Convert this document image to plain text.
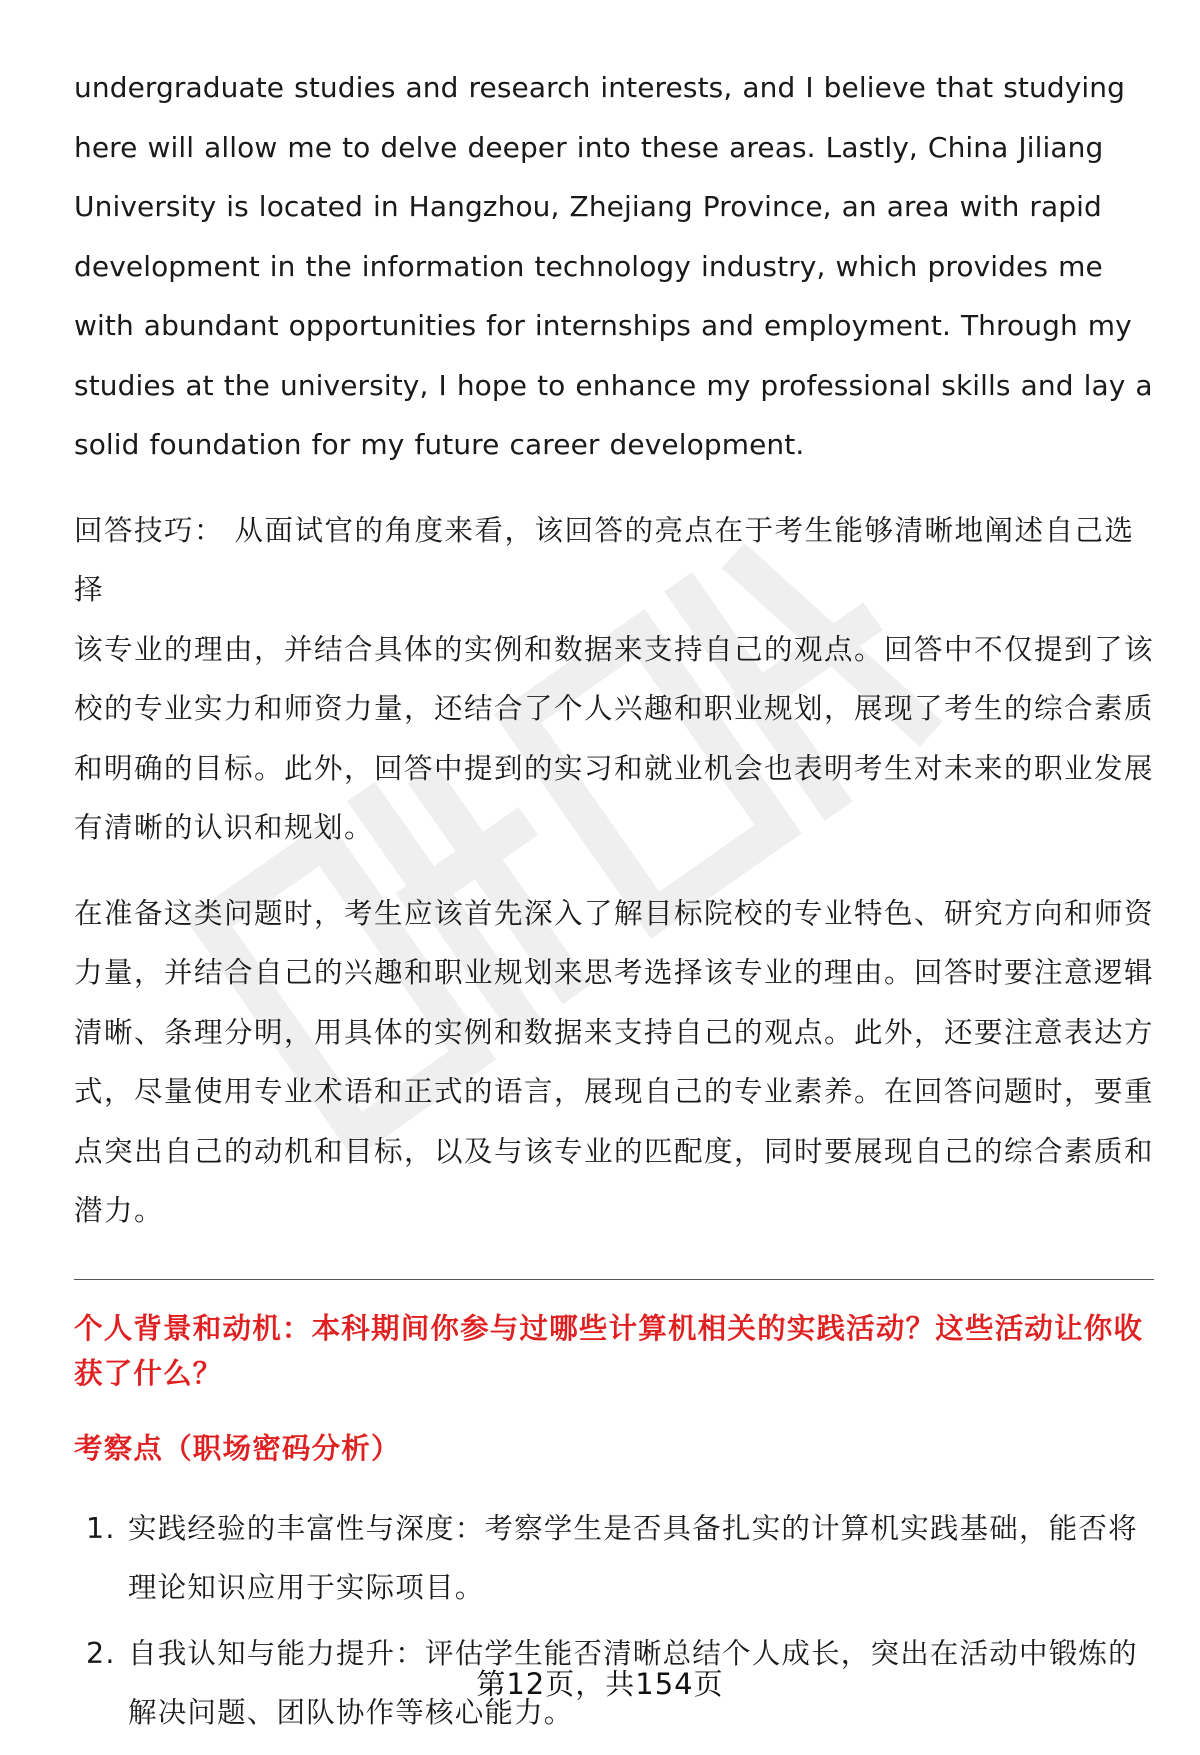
undergraduate studies and research interests, and I believe that studying

here will allow me to delve deeper into these areas. Lastly, China Jiliang

University is located in Hangzhou, Zhejiang Province, an area with rapid

development in the information technology industry, which provides me

with abundant opportunities for internships and employment. Through my

studies at the university, I hope to enhance my professional skills and lay a

solid foundation for my future career development.

回答技巧： 从面试官的角度来看，该回答的亮点在于考生能够清晰地阐述自己选择

该专业的理由，并结合具体的实例和数据来支持自己的观点。回答中不仅提到了该

校的专业实力和师资力量，还结合了个人兴趣和职业规划，展现了考生的综合素质

和明确的目标。此外，回答中提到的实习和就业机会也表明考生对未来的职业发展

有清晰的认识和规划。

在准备这类问题时，考生应该首先深入了解目标院校的专业特色、研究方向和师资

力量，并结合自己的兴趣和职业规划来思考选择该专业的理由。回答时要注意逻辑

清晰、条理分明，用具体的实例和数据来支持自己的观点。此外，还要注意表达方

式，尽量使用专业术语和正式的语言，展现自己的专业素养。在回答问题时，要重

点突出自己的动机和目标，以及与该专业的匹配度，同时要展现自己的综合素质和

潜力。

个人背景和动机：本科期间你参与过哪些计算机相关的实践活动？这些活动让你收
获了什么？
考察点（职场密码分析）
1. 实践经验的丰富性与深度：考察学生是否具备扎实的计算机实践基础，能否将
理论知识应用于实际项目。
2. 自我认知与能力提升：评估学生能否清晰总结个人成长，突出在活动中锻炼的
解决问题、团队协作等核心能力。
第12页，共154页
